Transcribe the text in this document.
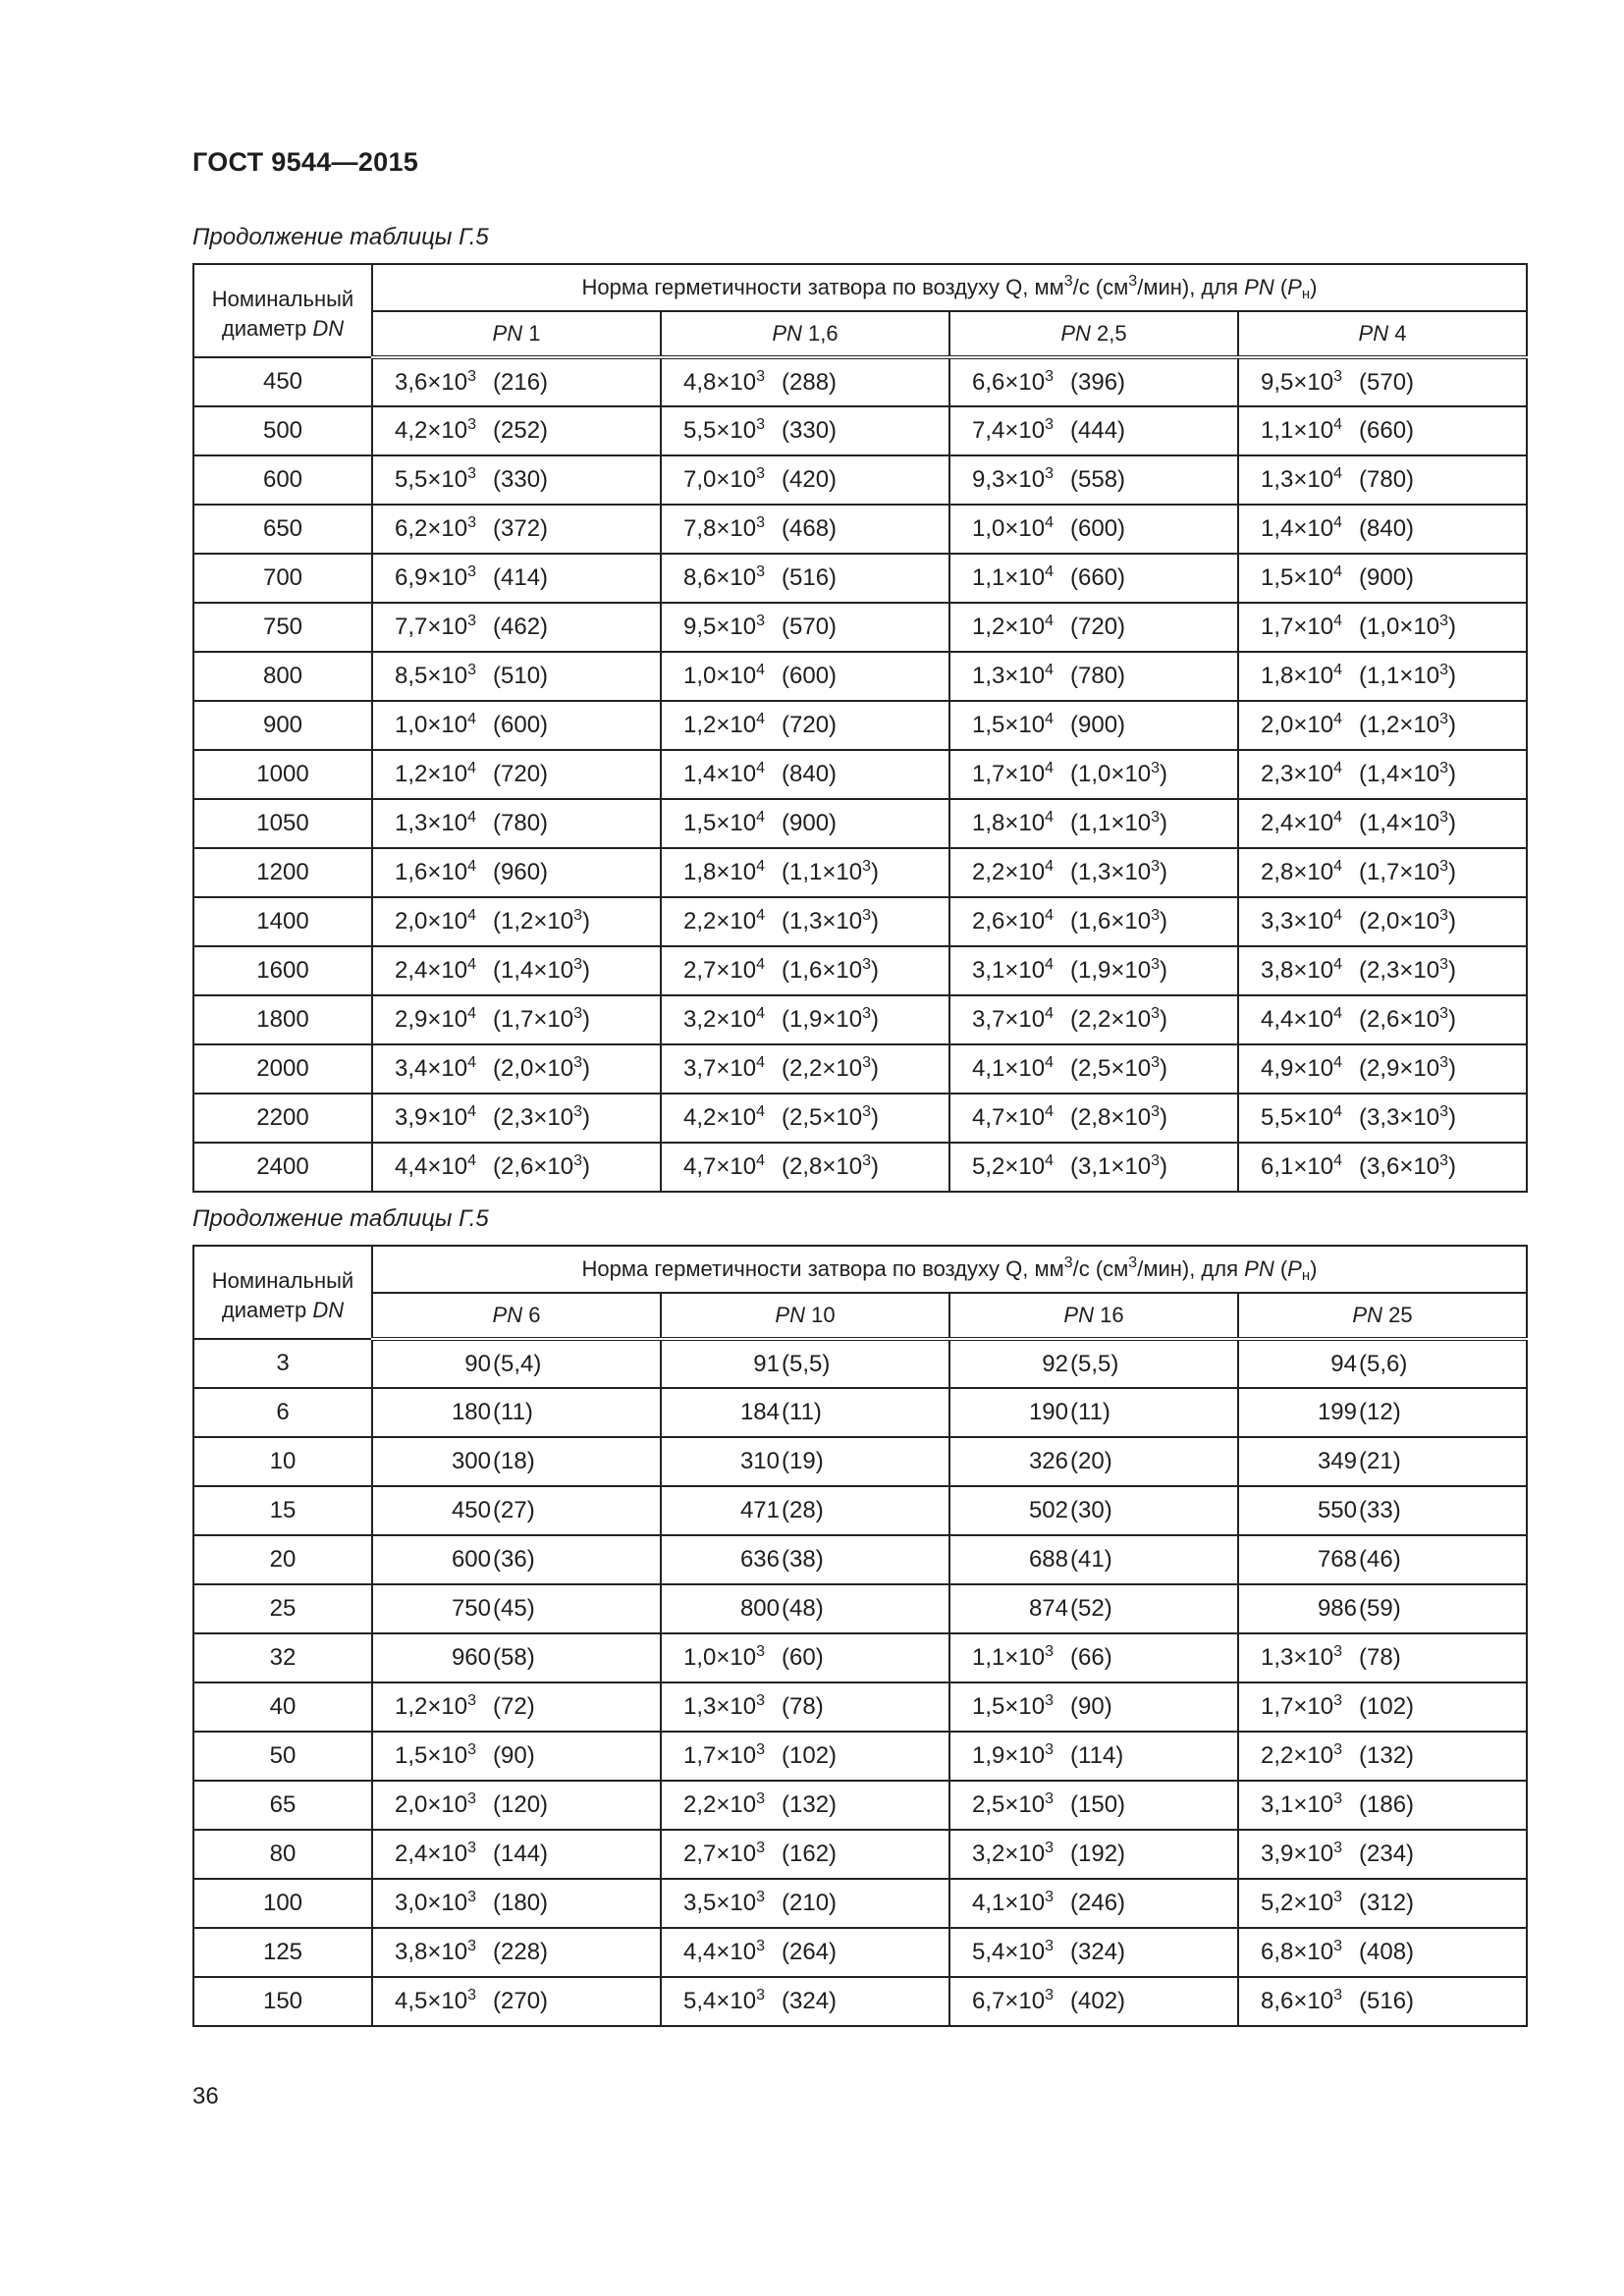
ГОСТ 9544—2015
Продолжение таблицы Г.5
Номинальный
диаметр DN	Норма герметичности затвора по воздуху Q, $мм^3/с$ $(см^3/мин)$, для PN $(P_н)$			
	PN 1	PN 1,6	PN 2,5	PN 4
450	$3,6\times 10^3$ (216)	$4,8\times 10^3$ (288)	$6,6\times 10^3$ (396)	$9,5\times 10^3$ (570)

500	$4,2\times 10^3$ (252)	$5,5\times 10^3$ (330)	$7,4\times 10^3$ (444)	$1,1\times 10^4$ (660)

600	$5,5\times 10^3$ (330)	$7,0\times 10^3$ (420)	$9,3\times 10^3$ (558)	$1,3\times 10^4$ (780)

650	$6,2\times 10^3$ (372)	$7,8\times 10^3$ (468)	$1,0\times 10^4$ (600)	$1,4\times 10^4$ (840)

700	$6,9\times 10^3$ (414)	$8,6\times 10^3$ (516)	$1,1\times 10^4$ (660)	$1,5\times 10^4$ (900)

750	$7,7\times 10^3$ (462)	$9,5\times 10^3$ (570)	$1,2\times 10^4$ (720)	$1,7\times 10^4$ $(1,0\times 10^3)$

800	$8,5\times 10^3$ (510)	$1,0\times 10^4$ (600)	$1,3\times 10^4$ (780)	$1,8\times 10^4$ $(1,1\times 10^3)$

900	$1,0\times 10^4$ (600)	$1,2\times 10^4$ (720)	$1,5\times 10^4$ (900)	$2,0\times 10^4$ $(1,2\times 10^3)$

1000	$1,2\times 10^4$ (720)	$1,4\times 10^4$ (840)	$1,7\times 10^4$ $(1,0\times 10^3)$	$2,3\times 10^4$ $(1,4\times 10^3)$

1050	$1,3\times 10^4$ (780)	$1,5\times 10^4$ (900)	$1,8\times 10^4$ $(1,1\times 10^3)$	$2,4\times 10^4$ $(1,4\times 10^3)$

1200	$1,6\times 10^4$ (960)	$1,8\times 10^4$ $(1,1\times 10^3)$	$2,2\times 10^4$ $(1,3\times 10^3)$	$2,8\times 10^4$ $(1,7\times 10^3)$

1400	$2,0\times 10^4$ $(1,2\times 10^3)$	$2,2\times 10^4$ $(1,3\times 10^3)$	$2,6\times 10^4$ $(1,6\times 10^3)$	$3,3\times 10^4$ $(2,0\times 10^3)$

1600	$2,4\times 10^4$ $(1,4\times 10^3)$	$2,7\times 10^4$ $(1,6\times 10^3)$	$3,1\times 10^4$ $(1,9\times 10^3)$	$3,8\times 10^4$ $(2,3\times 10^3)$

1800	$2,9\times 10^4$ $(1,7\times 10^3)$	$3,2\times 10^4$ $(1,9\times 10^3)$	$3,7\times 10^4$ $(2,2\times 10^3)$	$4,4\times 10^4$ $(2,6\times 10^3)$

2000	$3,4\times 10^4$ $(2,0\times 10^3)$	$3,7\times 10^4$ $(2,2\times 10^3)$	$4,1\times 10^4$ $(2,5\times 10^3)$	$4,9\times 10^4$ $(2,9\times 10^3)$

2200	$3,9\times 10^4$ $(2,3\times 10^3)$	$4,2\times 10^4$ $(2,5\times 10^3)$	$4,7\times 10^4$ $(2,8\times 10^3)$	$5,5\times 10^4$ $(3,3\times 10^3)$

2400	$4,4\times 10^4$ $(2,6\times 10^3)$	$4,7\times 10^4$ $(2,8\times 10^3)$	$5,2\times 10^4$ $(3,1\times 10^3)$	$6,1\times 10^4$ $(3,6\times 10^3)$
Продолжение таблицы Г.5
Номинальный
диаметр DN	Норма герметичности затвора по воздуху Q, $мм^3/с$ $(см^3/мин)$, для PN $(P_н)$			
	PN 6	PN 10	PN 16	PN 25
3	90 (5,4)	91 (5,5)	92 (5,5)	94 (5,6)

6	180 (11)	184 (11)	190 (11)	199 (12)

10	300 (18)	310 (19)	326 (20)	349 (21)

15	450 (27)	471 (28)	502 (30)	550 (33)

20	600 (36)	636 (38)	688 (41)	768 (46)

25	750 (45)	800 (48)	874 (52)	986 (59)

32	960 (58)	$1,0\times 10^3$ (60)	$1,1\times 10^3$ (66)	$1,3\times 10^3$ (78)

40	$1,2\times 10^3$ (72)	$1,3\times 10^3$ (78)	$1,5\times 10^3$ (90)	$1,7\times 10^3$ (102)

50	$1,5\times 10^3$ (90)	$1,7\times 10^3$ (102)	$1,9\times 10^3$ (114)	$2,2\times 10^3$ (132)

65	$2,0\times 10^3$ (120)	$2,2\times 10^3$ (132)	$2,5\times 10^3$ (150)	$3,1\times 10^3$ (186)

80	$2,4\times 10^3$ (144)	$2,7\times 10^3$ (162)	$3,2\times 10^3$ (192)	$3,9\times 10^3$ (234)

100	$3,0\times 10^3$ (180)	$3,5\times 10^3$ (210)	$4,1\times 10^3$ (246)	$5,2\times 10^3$ (312)

125	$3,8\times 10^3$ (228)	$4,4\times 10^3$ (264)	$5,4\times 10^3$ (324)	$6,8\times 10^3$ (408)

150	$4,5\times 10^3$ (270)	$5,4\times 10^3$ (324)	$6,7\times 10^3$ (402)	$8,6\times 10^3$ (516)
36
